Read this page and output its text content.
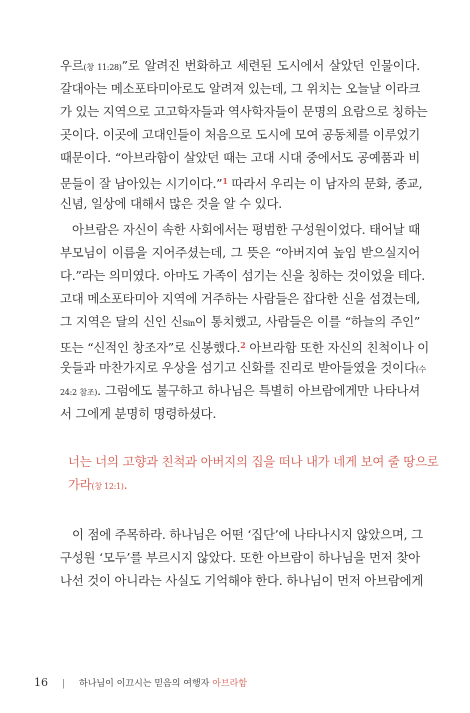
우르(창 11:28)”로 알려진 번화하고 세련된 도시에서 살았던 인물이다.
갈대아는 메소포타미아로도 알려져 있는데, 그 위치는 오늘날 이라크
가 있는 지역으로 고고학자들과 역사학자들이 문명의 요람으로 칭하는
곳이다. 이곳에 고대인들이 처음으로 도시에 모여 공동체를 이루었기
때문이다. “아브라함이 살았던 때는 고대 시대 중에서도 공예품과 비
문들이 잘 남아있는 시기이다.”$^1$ 따라서 우리는 이 남자의 문화, 종교,
신념, 일상에 대해서 많은 것을 알 수 있다.
아브람은 자신이 속한 사회에서는 평범한 구성원이었다. 태어날 때
부모님이 이름을 지어주셨는데, 그 뜻은 “아버지여 높임 받으실지어
다.”라는 의미였다. 아마도 가족이 섬기는 신을 칭하는 것이었을 테다.
고대 메소포타미아 지역에 거주하는 사람들은 잡다한 신을 섬겼는데,
그 지역은 달의 신인 신Sin이 통치했고, 사람들은 이를 “하늘의 주인”
또는 “신적인 창조자”로 신봉했다.$^2$ 아브라함 또한 자신의 친척이나 이
웃들과 마찬가지로 우상을 섬기고 신화를 진리로 받아들였을 것이다(수
24:2 참조). 그럼에도 불구하고 하나님은 특별히 아브람에게만 나타나셔
서 그에게 분명히 명령하셨다.
너는 너의 고향과 친척과 아버지의 집을 떠나 내가 네게 보여 줄 땅으로
가라(창 12:1).
이 점에 주목하라. 하나님은 어떤 ‘집단’에 나타나시지 않았으며, 그
구성원 ‘모두’를 부르시지 않았다. 또한 아브람이 하나님을 먼저 찾아
나선 것이 아니라는 사실도 기억해야 한다. 하나님이 먼저 아브람에게
16 | 하나님이 이끄시는 믿음의 여행자 아브라함
